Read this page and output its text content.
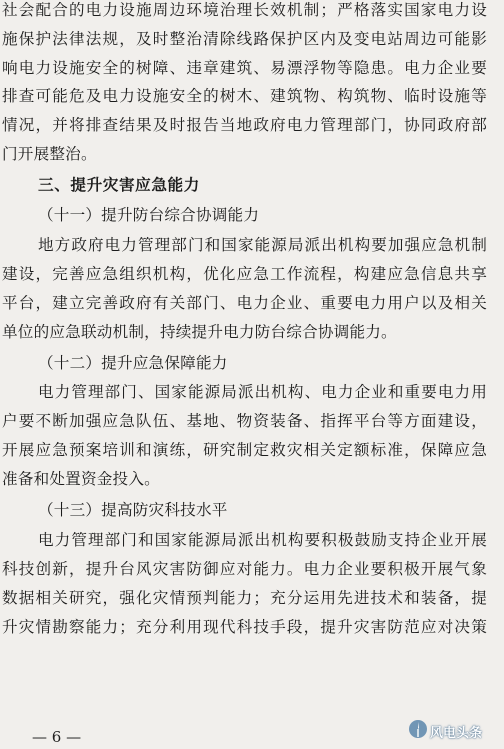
社会配合的电力设施周边环境治理长效机制；严格落实国家电力设
施保护法律法规，及时整治清除线路保护区内及变电站周边可能影
响电力设施安全的树障、违章建筑、易漂浮物等隐患。电力企业要
排查可能危及电力设施安全的树木、建筑物、构筑物、临时设施等
情况，并将排查结果及时报告当地政府电力管理部门，协同政府部
门开展整治。
三、提升灾害应急能力
（十一）提升防台综合协调能力
地方政府电力管理部门和国家能源局派出机构要加强应急机制
建设，完善应急组织机构，优化应急工作流程，构建应急信息共享
平台，建立完善政府有关部门、电力企业、重要电力用户以及相关
单位的应急联动机制，持续提升电力防台综合协调能力。
（十二）提升应急保障能力
电力管理部门、国家能源局派出机构、电力企业和重要电力用
户要不断加强应急队伍、基地、物资装备、指挥平台等方面建设，
开展应急预案培训和演练，研究制定救灾相关定额标准，保障应急
准备和处置资金投入。
（十三）提高防灾科技水平
电力管理部门和国家能源局派出机构要积极鼓励支持企业开展
科技创新，提升台风灾害防御应对能力。电力企业要积极开展气象
数据相关研究，强化灾情预判能力；充分运用先进技术和装备，提
升灾情勘察能力；充分利用现代科技手段，提升灾害防范应对决策
— 6 —	风电头条
